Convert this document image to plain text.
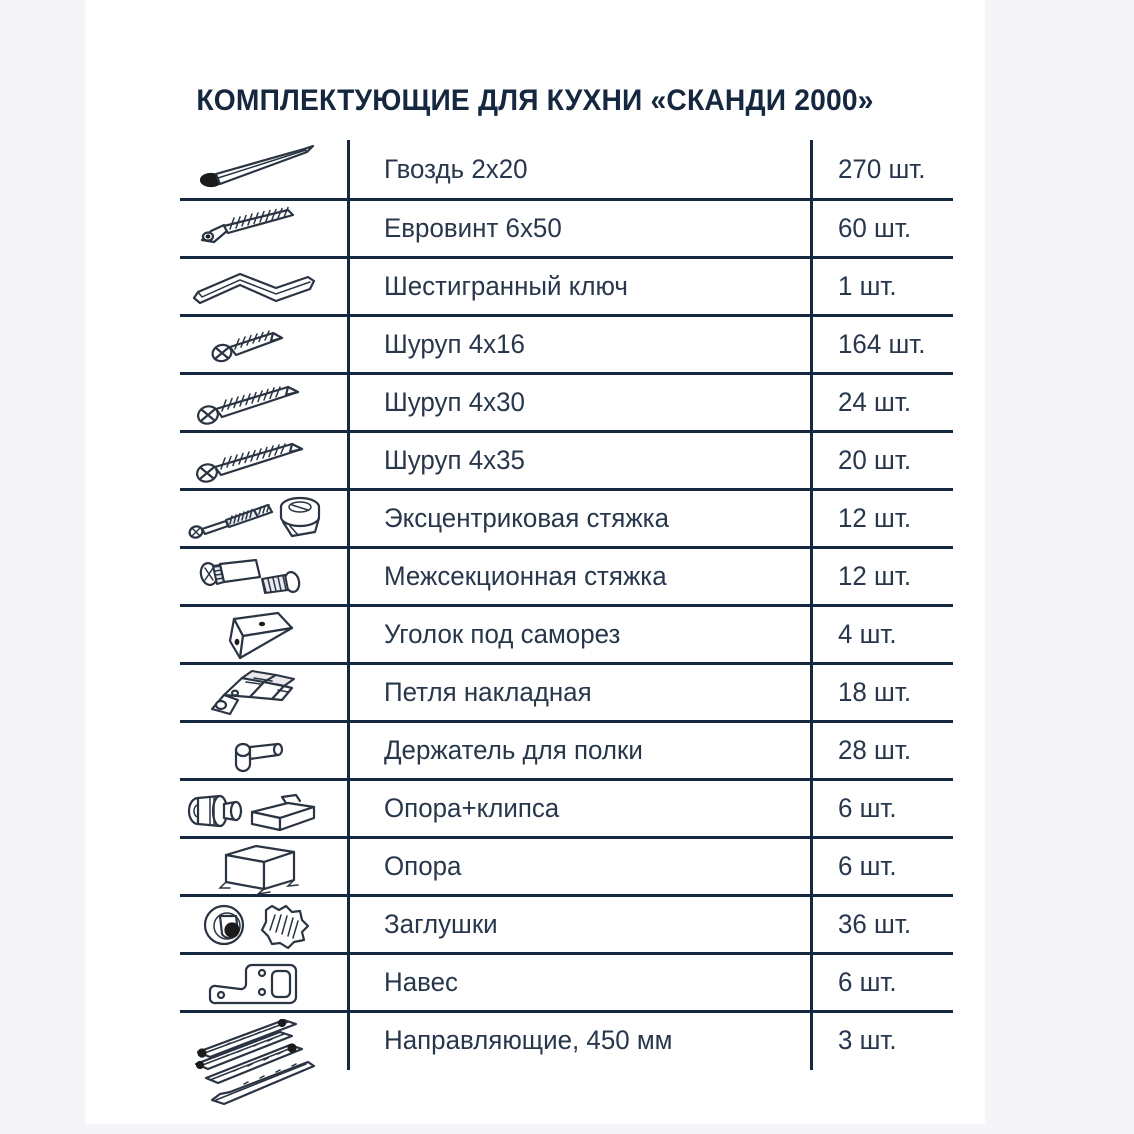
КОМПЛЕКТУЮЩИЕ ДЛЯ КУХНИ «СКАНДИ 2000»
Гвоздь 2x20	270 шт.
Евровинт 6x50	60 шт.
Шестигранный ключ	1 шт.
Шуруп 4x16	164 шт.
Шуруп 4x30	24 шт.
Шуруп 4x35	20 шт.
Эксцентриковая стяжка	12 шт.
Межсекционная стяжка	12 шт.
Уголок под саморез	4 шт.
Петля накладная	18 шт.
Держатель для полки	28 шт.
Опора+клипса	6 шт.
Опора	6 шт.
Заглушки	36 шт.
Навес	6 шт.
Направляющие, 450 мм	3 шт.
